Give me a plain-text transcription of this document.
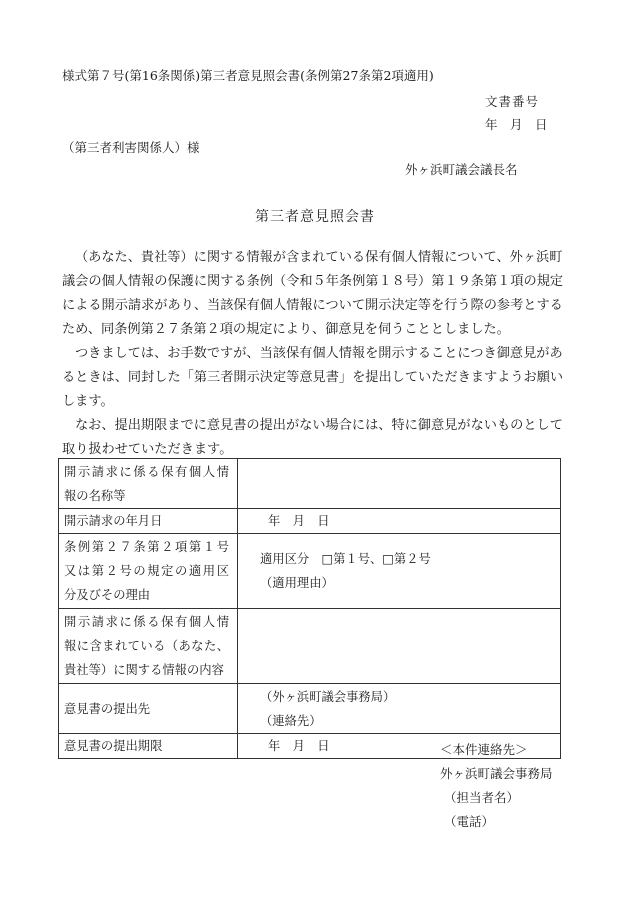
様式第７号(第16条関係)第三者意見照会書(条例第27条第2項適用)
文書番号
年　月　日
（第三者利害関係人）様
外ヶ浜町議会議長名
第三者意見照会書
（あなた、貴社等）に関する情報が含まれている保有個人情報について、外ヶ浜町
議会の個人情報の保護に関する条例（令和５年条例第１８号）第１９条第１項の規定
による開示請求があり、当該保有個人情報について開示決定等を行う際の参考とする
ため、同条例第２７条第２項の規定により、御意見を伺うこととしました。
つきましては、お手数ですが、当該保有個人情報を開示することにつき御意見があ
るときは、同封した「第三者開示決定等意見書」を提出していただきますようお願い
します。
なお、提出期限までに意見書の提出がない場合には、特に御意見がないものとして
取り扱わせていただきます。
開示請求に係る保有個人情
報の名称等	

開示請求の年月日	年　月　日

条例第２７条第２項第１号
又は第２号の規定の適用区
分及びその理由	適用区分　□第１号、□第２号
（適用理由）

開示請求に係る保有個人情
報に含まれている（あなた、
貴社等）に関する情報の内容	

意見書の提出先	（外ヶ浜町議会事務局）
（連絡先）

意見書の提出期限	年　月　日	＜本件連絡先＞
外ヶ浜町議会事務局
（担当者名）
（電話）
